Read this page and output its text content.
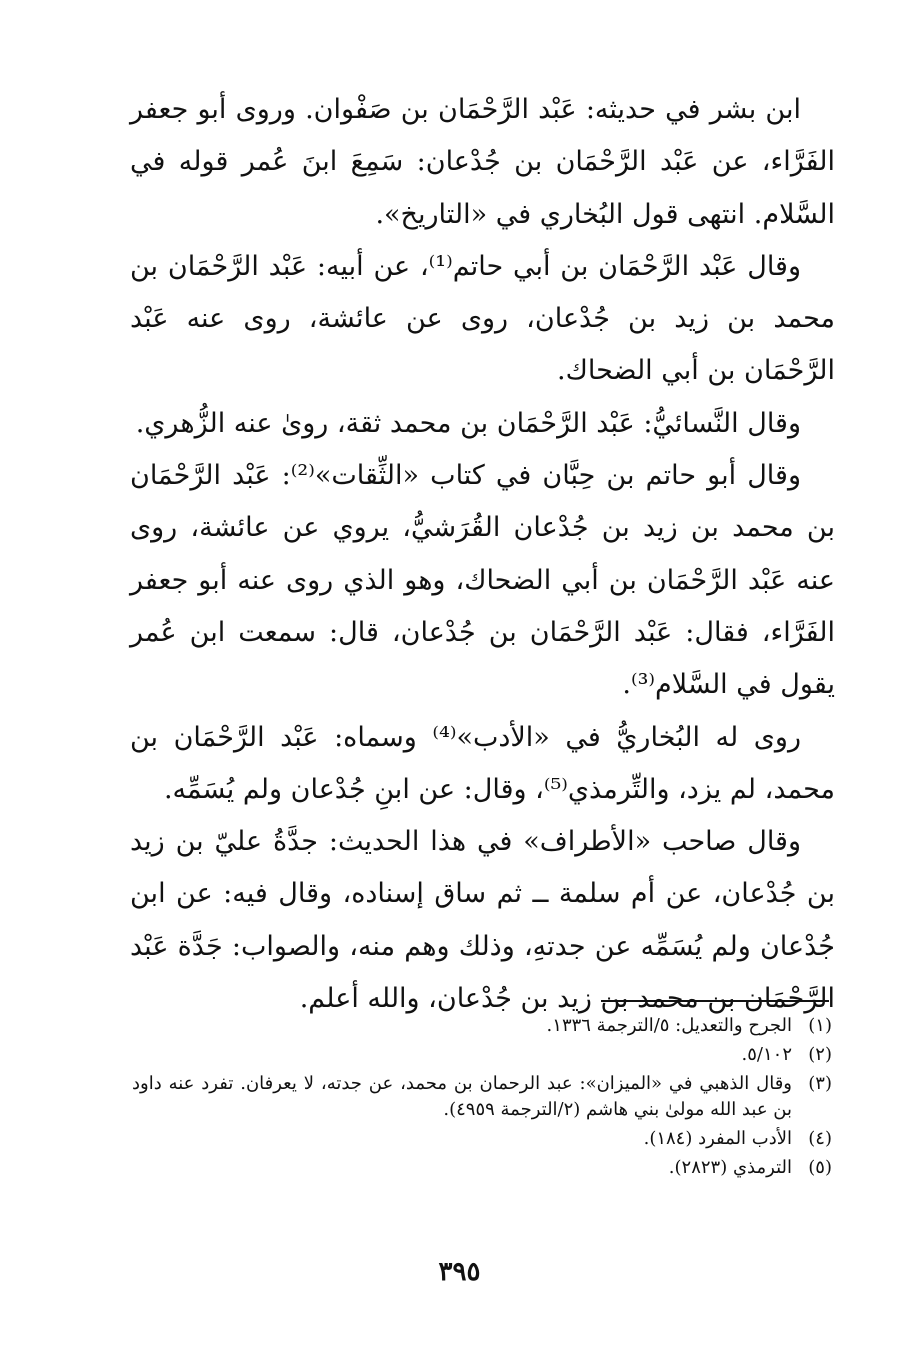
ابن بشر في حديثه: عَبْد الرَّحْمَان بن صَفْوان. وروى أبو جعفر الفَرَّاء، عن عَبْد الرَّحْمَان بن جُدْعان: سَمِعَ ابنَ عُمر قوله في السَّلام. انتهى قول البُخاري في «التاريخ».

وقال عَبْد الرَّحْمَان بن أبي حاتم⁽¹⁾، عن أبيه: عَبْد الرَّحْمَان بن محمد بن زيد بن جُدْعان، روى عن عائشة، روى عنه عَبْد الرَّحْمَان بن أبي الضحاك.

وقال النَّسائيُّ: عَبْد الرَّحْمَان بن محمد ثقة، روىٰ عنه الزُّهري.

وقال أبو حاتم بن حِبَّان في كتاب «الثِّقات»⁽²⁾: عَبْد الرَّحْمَان بن محمد بن زيد بن جُدْعان القُرَشيُّ، يروي عن عائشة، روى عنه عَبْد الرَّحْمَان بن أبي الضحاك، وهو الذي روى عنه أبو جعفر الفَرَّاء، فقال: عَبْد الرَّحْمَان بن جُدْعان، قال: سمعت ابن عُمر يقول في السَّلام⁽³⁾.

روى له البُخاريُّ في «الأدب»⁽⁴⁾ وسماه: عَبْد الرَّحْمَان بن محمد، لم يزد، والتِّرمذي⁽⁵⁾، وقال: عن ابنِ جُدْعان ولم يُسَمِّه.

وقال صاحب «الأطراف» في هذا الحديث: جدَّةُ عليّ بن زيد بن جُدْعان، عن أم سلمة ــ ثم ساق إسناده، وقال فيه: عن ابن جُدْعان ولم يُسَمِّه عن جدتهِ، وذلك وهم منه، والصواب: جَدَّة عَبْد الرَّحْمَان بن محمد بن زيد بن جُدْعان، والله أعلم.

(١)
الجرح والتعديل: ٥/الترجمة ١٣٣٦.
(٢)
٥/١٠٢.
(٣)
وقال الذهبي في «الميزان»: عبد الرحمان بن محمد، عن جدته، لا يعرفان. تفرد عنه داود بن عبد الله مولىٰ بني هاشم (٢/الترجمة ٤٩٥٩).
(٤)
الأدب المفرد (١٨٤).
(٥)
الترمذي (٢٨٢٣).
٣٩٥
